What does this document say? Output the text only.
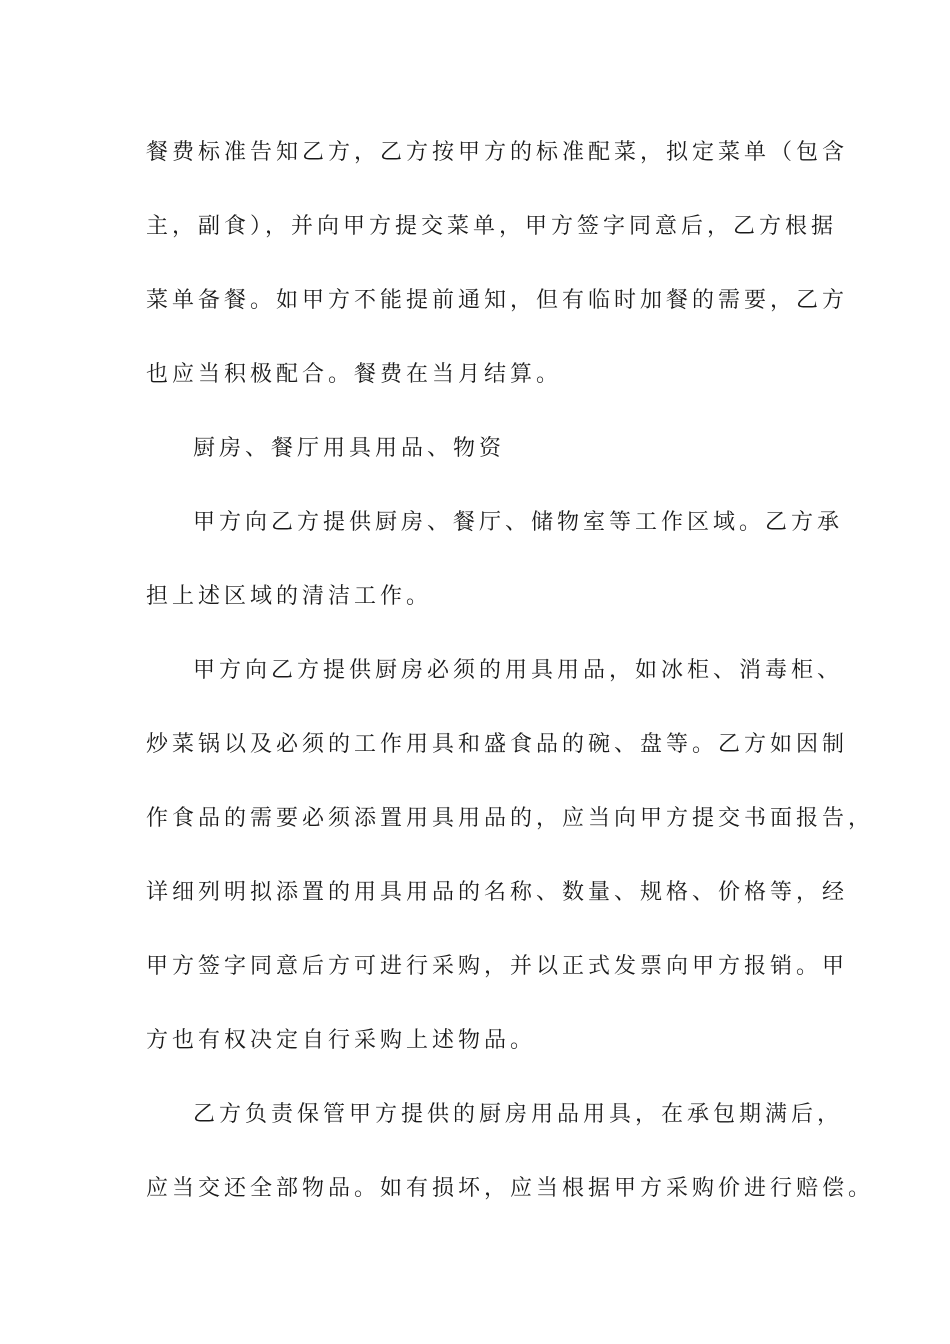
餐费标准告知乙方，乙方按甲方的标准配菜，拟定菜单（包含
主，副食），并向甲方提交菜单，甲方签字同意后，乙方根据
菜单备餐。如甲方不能提前通知，但有临时加餐的需要，乙方
也应当积极配合。餐费在当月结算。
厨房、餐厅用具用品、物资
甲方向乙方提供厨房、餐厅、储物室等工作区域。乙方承
担上述区域的清洁工作。
甲方向乙方提供厨房必须的用具用品，如冰柜、消毒柜、
炒菜锅以及必须的工作用具和盛食品的碗、盘等。乙方如因制
作食品的需要必须添置用具用品的，应当向甲方提交书面报告，
详细列明拟添置的用具用品的名称、数量、规格、价格等，经
甲方签字同意后方可进行采购，并以正式发票向甲方报销。甲
方也有权决定自行采购上述物品。
乙方负责保管甲方提供的厨房用品用具，在承包期满后，
应当交还全部物品。如有损坏，应当根据甲方采购价进行赔偿。
